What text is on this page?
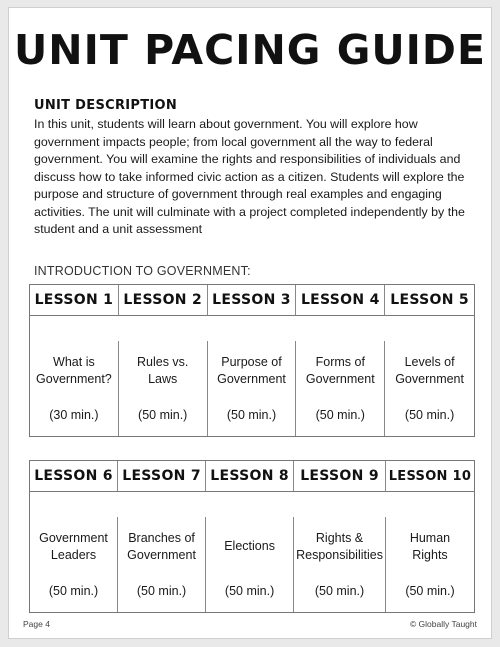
UNIT PACING GUIDE
UNIT DESCRIPTION
In this unit, students will learn about government. You will explore how government impacts people; from local government all the way to federal government. You will examine the rights and responsibilities of individuals and discuss how to take informed civic action as a citizen. Students will explore the purpose and structure of government through real examples and engaging activities. The unit will culminate with a project completed independently by the student and a unit assessment
INTRODUCTION TO GOVERNMENT:
LESSON 1 LESSON 2 LESSON 3 LESSON 4 LESSON 5
What is Government?
(30 min.)
Rules vs. Laws
(50 min.)
Purpose of Government
(50 min.)
Forms of Government
(50 min.)
Levels of Government
(50 min.)
LESSON 6 LESSON 7 LESSON 8 LESSON 9 LESSON 10
Government Leaders
(50 min.)
Branches of Government
(50 min.)
Elections
(50 min.)
Rights & Responsibilities
(50 min.)
Human Rights
(50 min.)
Page 4	© Globally Taught
